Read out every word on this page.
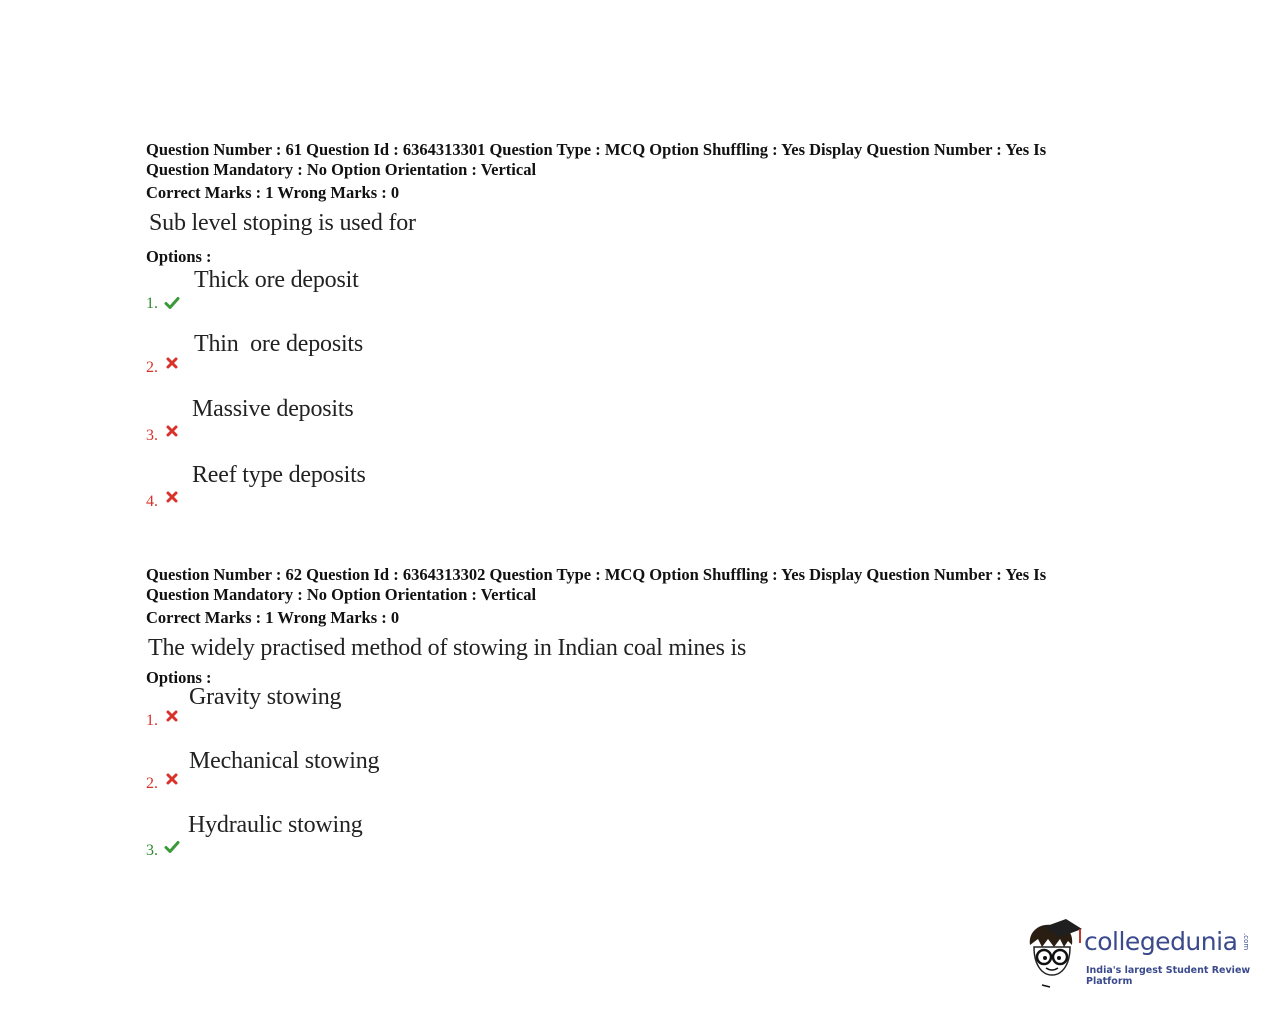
Question Number : 61 Question Id : 6364313301 Question Type : MCQ Option Shuffling : Yes Display Question Number : Yes Is
Question Mandatory : No Option Orientation : Vertical

Correct Marks : 1 Wrong Marks : 0
Sub level stoping is used for
Options :
1.
Thick ore deposit
2.
Thin  ore deposits
3.
Massive deposits
4.
Reef type deposits

Question Number : 62 Question Id : 6364313302 Question Type : MCQ Option Shuffling : Yes Display Question Number : Yes Is
Question Mandatory : No Option Orientation : Vertical

Correct Marks : 1 Wrong Marks : 0
The widely practised method of stowing in Indian coal mines is
Options :
1.
Gravity stowing
2.
Mechanical stowing
3.
Hydraulic stowing
collegedunia .com
India's largest Student Review Platform
